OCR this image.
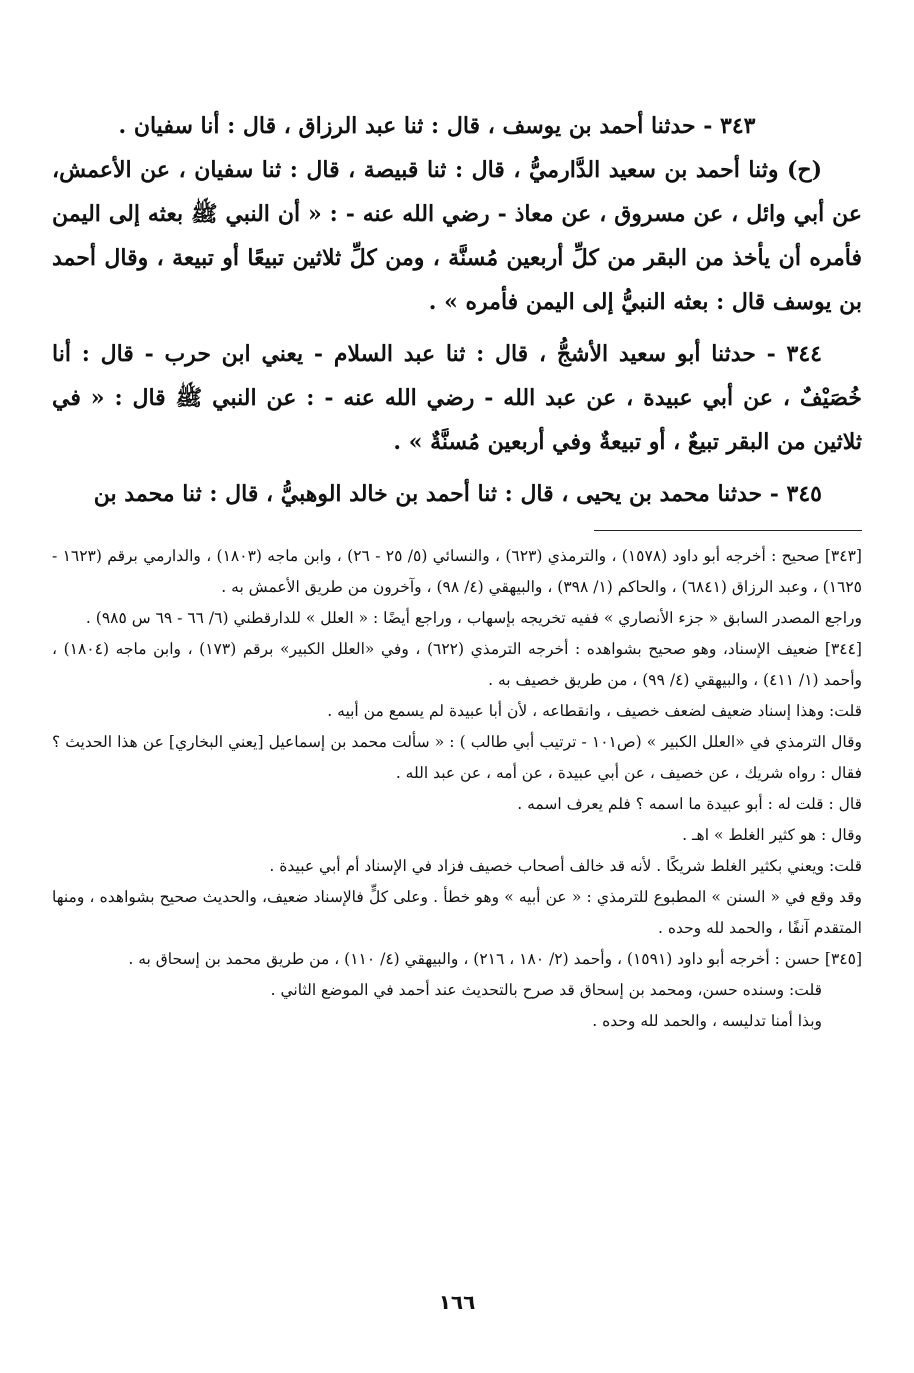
٣٤٣ - حدثنا أحمد بن يوسف ، قال : ثنا عبد الرزاق ، قال : أنا سفيان .

(ح) وثنا أحمد بن سعيد الدَّارميُّ ، قال : ثنا قبيصة ، قال : ثنا سفيان ، عن الأعمش، عن أبي وائل ، عن مسروق ، عن معاذ - رضي الله عنه - : « أن النبي ﷺ بعثه إلى اليمن فأمره أن يأخذ من البقر من كلِّ أربعين مُسنَّة ، ومن كلِّ ثلاثين تبيعًا أو تبيعة ، وقال أحمد بن يوسف قال : بعثه النبيُّ إلى اليمن فأمره » .

٣٤٤ - حدثنا أبو سعيد الأشجُّ ، قال : ثنا عبد السلام - يعني ابن حرب - قال : أنا خُصَيْفٌ ، عن أبي عبيدة ، عن عبد الله - رضي الله عنه - : عن النبي ﷺ قال : « في ثلاثين من البقر تبيعٌ ، أو تبيعةٌ وفي أربعين مُسنَّةٌ » .

٣٤٥ - حدثنا محمد بن يحيى ، قال : ثنا أحمد بن خالد الوهبيُّ ، قال : ثنا محمد بن

[٣٤٣] صحيح : أخرجه أبو داود (١٥٧٨) ، والترمذي (٦٢٣) ، والنسائي (٥/ ٢٥ - ٢٦) ، وابن ماجه (١٨٠٣) ، والدارمي برقم (١٦٢٣ - ١٦٢٥) ، وعبد الرزاق (٦٨٤١) ، والحاكم (١/ ٣٩٨) ، والبيهقي (٤/ ٩٨) ، وآخرون من طريق الأعمش به .

وراجع المصدر السابق « جزء الأنصاري » ففيه تخريجه بإسهاب ، وراجع أيضًا : « العلل » للدارقطني (٦/ ٦٦ - ٦٩ س ٩٨٥) .

[٣٤٤] ضعيف الإسناد، وهو صحيح بشواهده : أخرجه الترمذي (٦٢٢) ، وفي «العلل الكبير» برقم (١٧٣) ، وابن ماجه (١٨٠٤) ، وأحمد (١/ ٤١١) ، والبيهقي (٤/ ٩٩) ، من طريق خصيف به .

قلت: وهذا إسناد ضعيف لضعف خصيف ، وانقطاعه ، لأن أبا عبيدة لم يسمع من أبيه .

وقال الترمذي في «العلل الكبير » (ص١٠١ - ترتيب أبي طالب ) : « سألت محمد بن إسماعيل [يعني البخاري] عن هذا الحديث ؟ فقال : رواه شريك ، عن خصيف ، عن أبي عبيدة ، عن أمه ، عن عبد الله .

قال : قلت له : أبو عبيدة ما اسمه ؟ فلم يعرف اسمه .

وقال : هو كثير الغلط » اهـ .

قلت: ويعني بكثير الغلط شريكًا . لأنه قد خالف أصحاب خصيف فزاد في الإسناد أم أبي عبيدة .

وقد وقع في « السنن » المطبوع للترمذي : « عن أبيه » وهو خطأ . وعلى كلٍّ فالإسناد ضعيف، والحديث صحيح بشواهده ، ومنها المتقدم آنفًا ، والحمد لله وحده .

[٣٤٥] حسن : أخرجه أبو داود (١٥٩١) ، وأحمد (٢/ ١٨٠ ، ٢١٦) ، والبيهقي (٤/ ١١٠) ، من طريق محمد بن إسحاق به .

قلت: وسنده حسن، ومحمد بن إسحاق قد صرح بالتحديث عند أحمد في الموضع الثاني .

وبذا أمنا تدليسه ، والحمد لله وحده .

١٦٦
